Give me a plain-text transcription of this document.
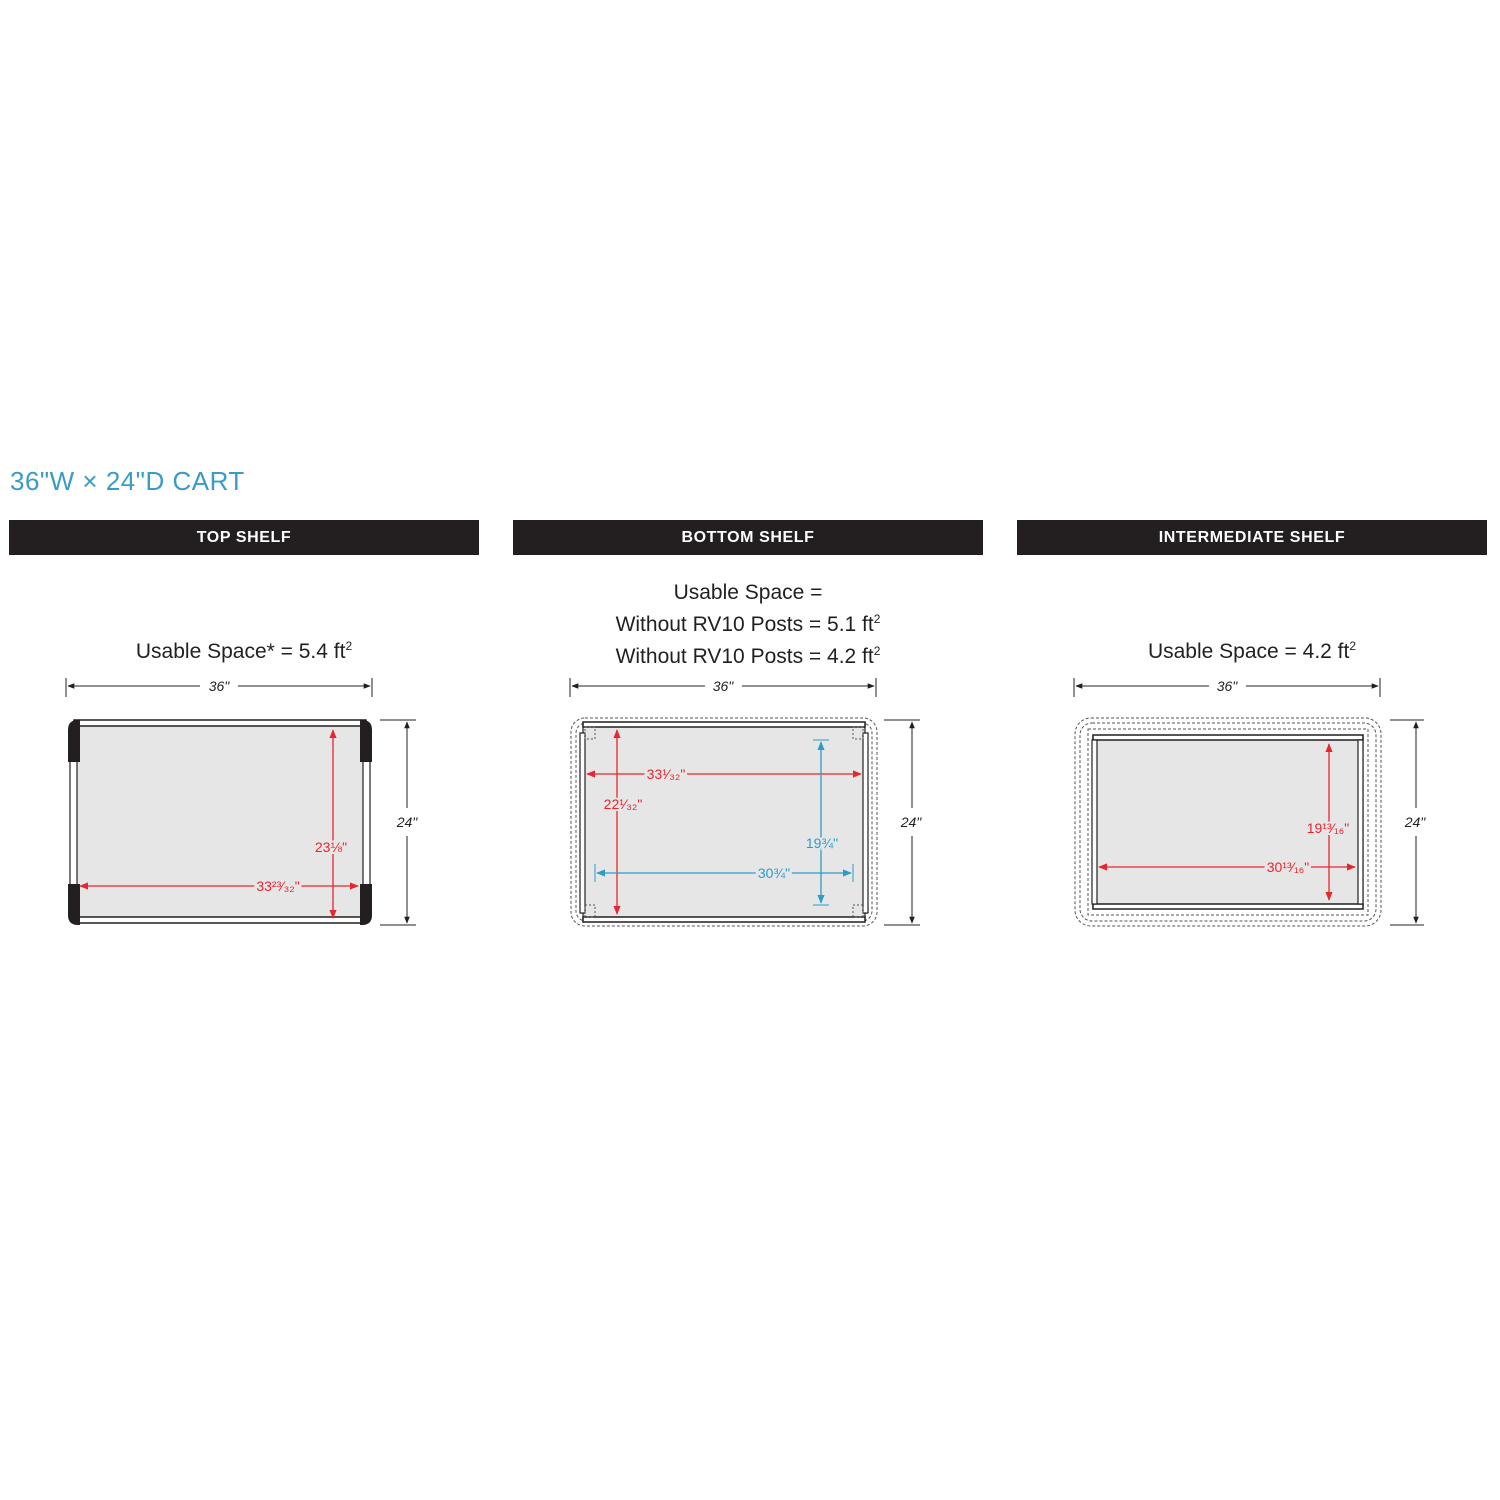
36"W × 24"D CART
TOP SHELF	BOTTOM SHELF	INTERMEDIATE SHELF
Usable Space* = 5.4 $ft^2$
Usable Space =
Without RV10 Posts = 5.1 $ft^2$
Without RV10 Posts = 4.2 $ft^2$	Usable Space = 4.2 $ft^2$
36"
24"
23⅛"
33²³⁄₃₂"
36"
24"
22¹⁄₃₂"
33¹⁄₃₂"
19¾"
30¾"
36"
24"
19¹³⁄₁₆"
30¹³⁄₁₆"
